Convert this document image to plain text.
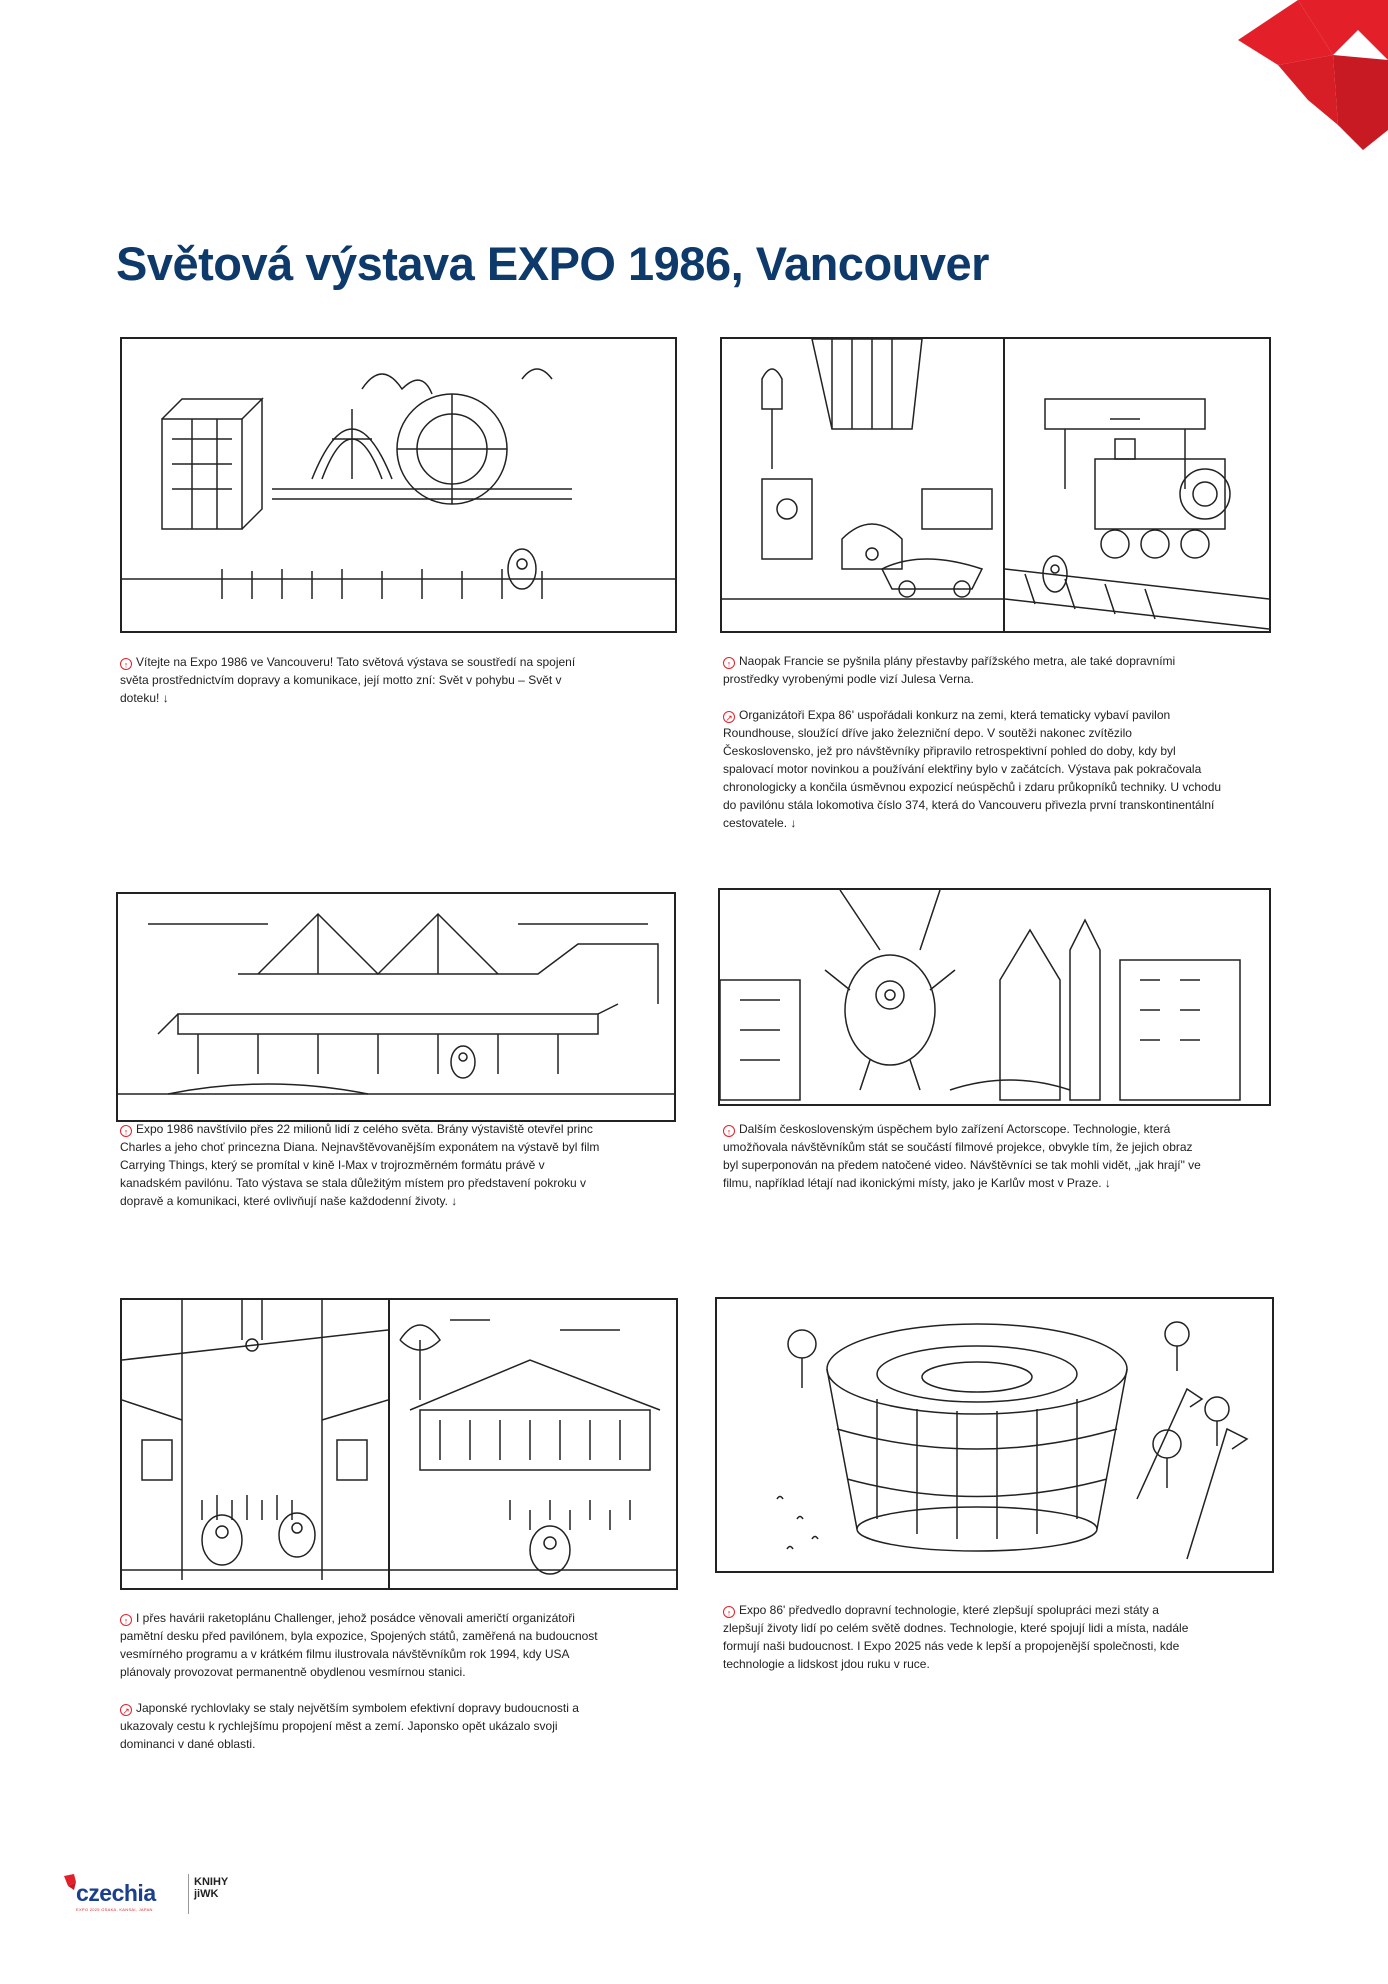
Světová výstava EXPO 1986, Vancouver

↑ Vítejte na Expo 1986 ve Vancouveru! Tato světová výstava se soustředí na spojení světa prostřednictvím dopravy a komunikace, její motto zní: Svět v pohybu – Svět v doteku! ↓

↑ Naopak Francie se pyšnila plány přestavby pařížského metra, ale také dopravními prostředky vyrobenými podle vizí Julesa Verna.

↗ Organizátoři Expa 86' uspořádali konkurz na zemi, která tematicky vybaví pavilon Roundhouse, sloužící dříve jako železniční depo. V soutěži nakonec zvítězilo Československo, jež pro návštěvníky připravilo retrospektivní pohled do doby, kdy byl spalovací motor novinkou a používání elektřiny bylo v začátcích. Výstava pak pokračovala chronologicky a končila úsměvnou expozicí neúspěchů i zdaru průkopníků techniky. U vchodu do pavilónu stála lokomotiva číslo 374, která do Vancouveru přivezla první transkontinentální cestovatele. ↓

↑ Expo 1986 navštívilo přes 22 milionů lidí z celého světa. Brány výstaviště otevřel princ Charles a jeho choť princezna Diana. Nejnavštěvovanějším exponátem na výstavě byl film Carrying Things, který se promítal v kině I-Max v trojrozměrném formátu právě v kanadském pavilónu. Tato výstava se stala důležitým místem pro představení pokroku v dopravě a komunikaci, které ovlivňují naše každodenní životy. ↓

↑ Dalším československým úspěchem bylo zařízení Actorscope. Technologie, která umožňovala návštěvníkům stát se součástí filmové projekce, obvykle tím, že jejich obraz byl superponován na předem natočené video. Návštěvníci se tak mohli vidět, „jak hrají" ve filmu, například létají nad ikonickými místy, jako je Karlův most v Praze. ↓

↑ I přes havárii raketoplánu Challenger, jehož posádce věnovali američtí organizátoři pamětní desku před pavilónem, byla expozice, Spojených států, zaměřená na budoucnost vesmírného programu a v krátkém filmu ilustrovala návštěvníkům rok 1994, kdy USA plánovaly provozovat permanentně obydlenou vesmírnou stanici.

↗ Japonské rychlovlaky se staly největším symbolem efektivní dopravy budoucnosti a ukazovaly cestu k rychlejšímu propojení měst a zemí. Japonsko opět ukázalo svoji dominanci v dané oblasti.

↑ Expo 86' předvedlo dopravní technologie, které zlepšují spolupráci mezi státy a zlepšují životy lidí po celém světě dodnes. Technologie, které spojují lidi a místa, nadále formují naši budoucnost. I Expo 2025 nás vede k lepší a propojenější společnosti, kde technologie a lidskost jdou ruku v ruce.

czechia
EXPO 2025 OSAKA, KANSAI, JAPAN
KNIHY
jiWK
